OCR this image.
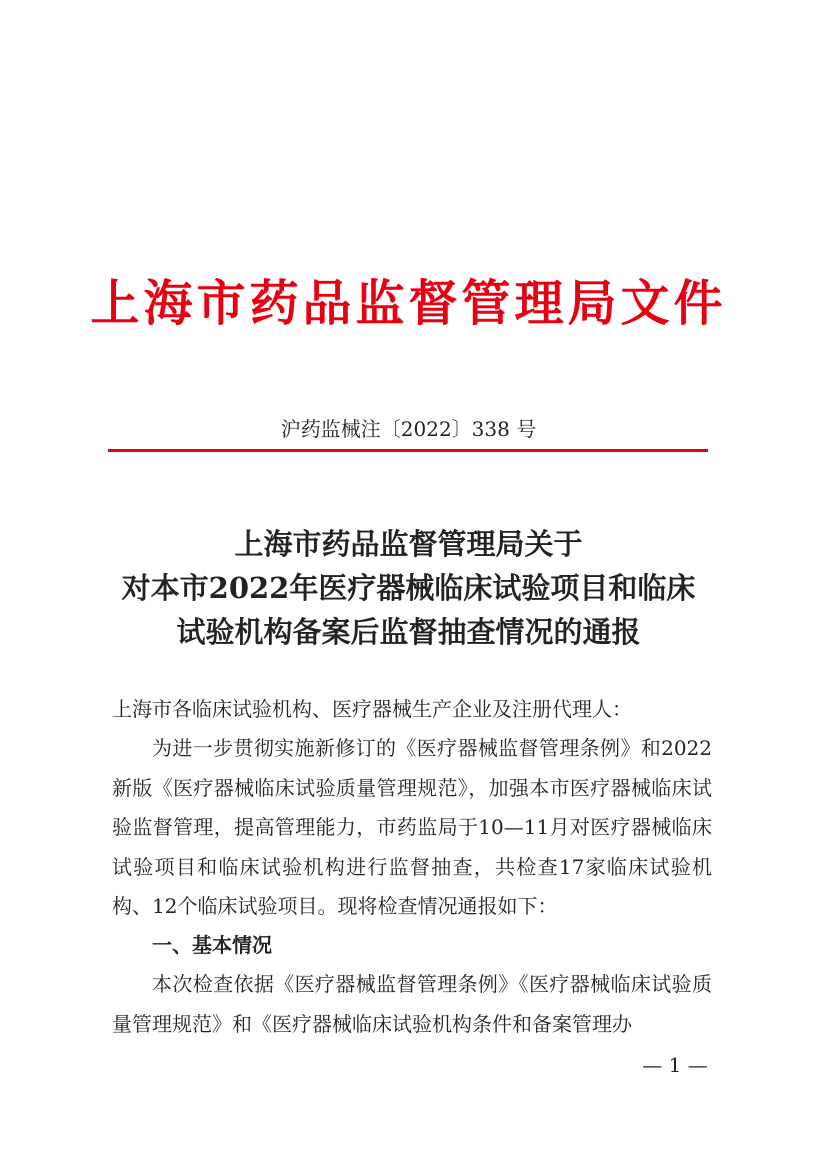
上海市药品监督管理局文件
沪药监械注〔2022〕338 号
上海市药品监督管理局关于
对本市2022年医疗器械临床试验项目和临床
试验机构备案后监督抽查情况的通报
上海市各临床试验机构、医疗器械生产企业及注册代理人：
为进一步贯彻实施新修订的《医疗器械监督管理条例》和2022新版《医疗器械临床试验质量管理规范》，加强本市医疗器械临床试验监督管理，提高管理能力，市药监局于10—11月对医疗器械临床试验项目和临床试验机构进行监督抽查，共检查17家临床试验机构、12个临床试验项目。现将检查情况通报如下：
一、基本情况
本次检查依据《医疗器械监督管理条例》《医疗器械临床试验质量管理规范》和《医疗器械临床试验机构条件和备案管理办
— 1 —
